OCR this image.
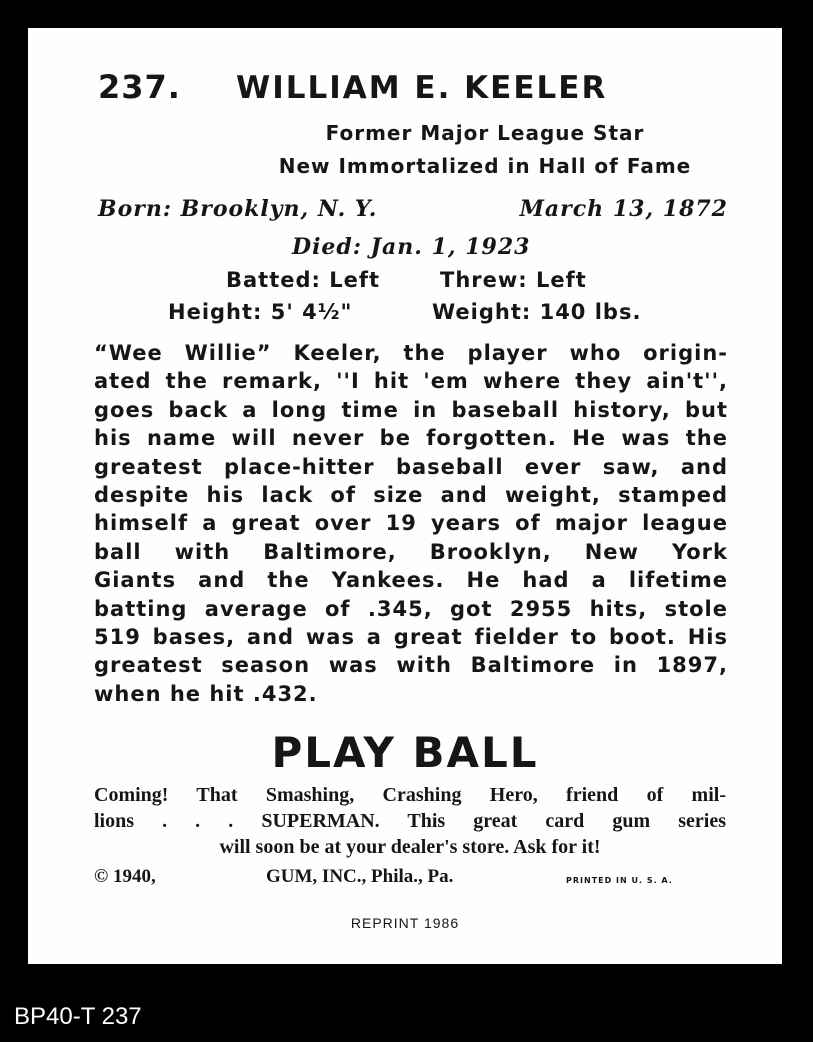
237. WILLIAM E. KEELER
Former Major League Star
New Immortalized in Hall of Fame
Born: Brooklyn, N. Y.	March 13, 1872
Died: Jan. 1, 1923
Batted: Left	Threw: Left
Height: 5' 4½"	Weight: 140 lbs.
“Wee Willie” Keeler, the player who origin-
ated the remark, ''I hit 'em where they ain't'',
goes back a long time in baseball history, but
his name will never be forgotten. He was the
greatest place-hitter baseball ever saw, and
despite his lack of size and weight, stamped
himself a great over 19 years of major league
ball with Baltimore, Brooklyn, New York
Giants and the Yankees. He had a lifetime
batting average of .345, got 2955 hits, stole
519 bases, and was a great fielder to boot. His
greatest season was with Baltimore in 1897,
when he hit .432.
PLAY BALL
Coming! That Smashing, Crashing Hero, friend of mil-
lions . . . SUPERMAN. This great card gum series
will soon be at your dealer's store. Ask for it!
© 1940,	GUM, INC., Phila., Pa.	PRINTED IN U. S. A.
REPRINT 1986
BP40-T 237
